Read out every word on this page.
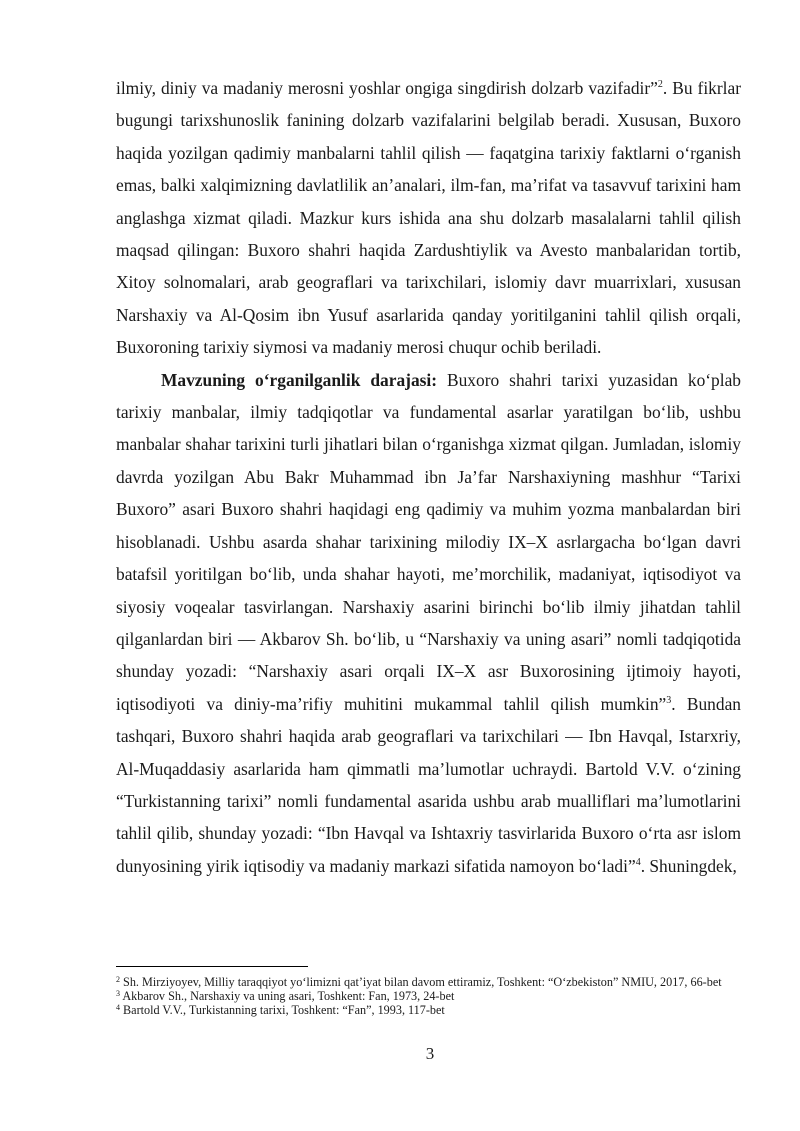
ilmiy, diniy va madaniy merosni yoshlar ongiga singdirish dolzarb vazifadir”$^2$. Bu fikrlar bugungi tarixshunoslik fanining dolzarb vazifalarini belgilab beradi. Xususan, Buxoro haqida yozilgan qadimiy manbalarni tahlil qilish — faqatgina tarixiy faktlarni o‘rganish emas, balki xalqimizning davlatlilik an’analari, ilm-fan, ma’rifat va tasavvuf tarixini ham anglashga xizmat qiladi. Mazkur kurs ishida ana shu dolzarb masalalarni tahlil qilish maqsad qilingan: Buxoro shahri haqida Zardushtiylik va Avesto manbalaridan tortib, Xitoy solnomalari, arab geograflari va tarixchilari, islomiy davr muarrixlari, xususan Narshaxiy va Al-Qosim ibn Yusuf asarlarida qanday yoritilganini tahlil qilish orqali, Buxoroning tarixiy siymosi va madaniy merosi chuqur ochib beriladi.

Mavzuning o‘rganilganlik darajasi: Buxoro shahri tarixi yuzasidan ko‘plab tarixiy manbalar, ilmiy tadqiqotlar va fundamental asarlar yaratilgan bo‘lib, ushbu manbalar shahar tarixini turli jihatlari bilan o‘rganishga xizmat qilgan. Jumladan, islomiy davrda yozilgan Abu Bakr Muhammad ibn Ja’far Narshaxiyning mashhur “Tarixi Buxoro” asari Buxoro shahri haqidagi eng qadimiy va muhim yozma manbalardan biri hisoblanadi. Ushbu asarda shahar tarixining milodiy IX–X asrlargacha bo‘lgan davri batafsil yoritilgan bo‘lib, unda shahar hayoti, me’morchilik, madaniyat, iqtisodiyot va siyosiy voqealar tasvirlangan. Narshaxiy asarini birinchi bo‘lib ilmiy jihatdan tahlil qilganlardan biri — Akbarov Sh. bo‘lib, u “Narshaxiy va uning asari” nomli tadqiqotida shunday yozadi: “Narshaxiy asari orqali IX–X asr Buxorosining ijtimoiy hayoti, iqtisodiyoti va diniy-ma’rifiy muhitini mukammal tahlil qilish mumkin”$^3$. Bundan tashqari, Buxoro shahri haqida arab geograflari va tarixchilari — Ibn Havqal, Istarxriy, Al-Muqaddasiy asarlarida ham qimmatli ma’lumotlar uchraydi. Bartold V.V. o‘zining “Turkistanning tarixi” nomli fundamental asarida ushbu arab mualliflari ma’lumotlarini tahlil qilib, shunday yozadi: “Ibn Havqal va Ishtaxriy tasvirlarida Buxoro o‘rta asr islom dunyosining yirik iqtisodiy va madaniy markazi sifatida namoyon bo‘ladi”$^4$. Shuningdek,

$^2$ Sh. Mirziyoyev, Milliy taraqqiyot yo‘limizni qat’iyat bilan davom ettiramiz, Toshkent: “O‘zbekiston” NMIU, 2017, 66-bet

$^3$ Akbarov Sh., Narshaxiy va uning asari, Toshkent: Fan, 1973, 24-bet

$^4$ Bartold V.V., Turkistanning tarixi, Toshkent: “Fan”, 1993, 117-bet

3
